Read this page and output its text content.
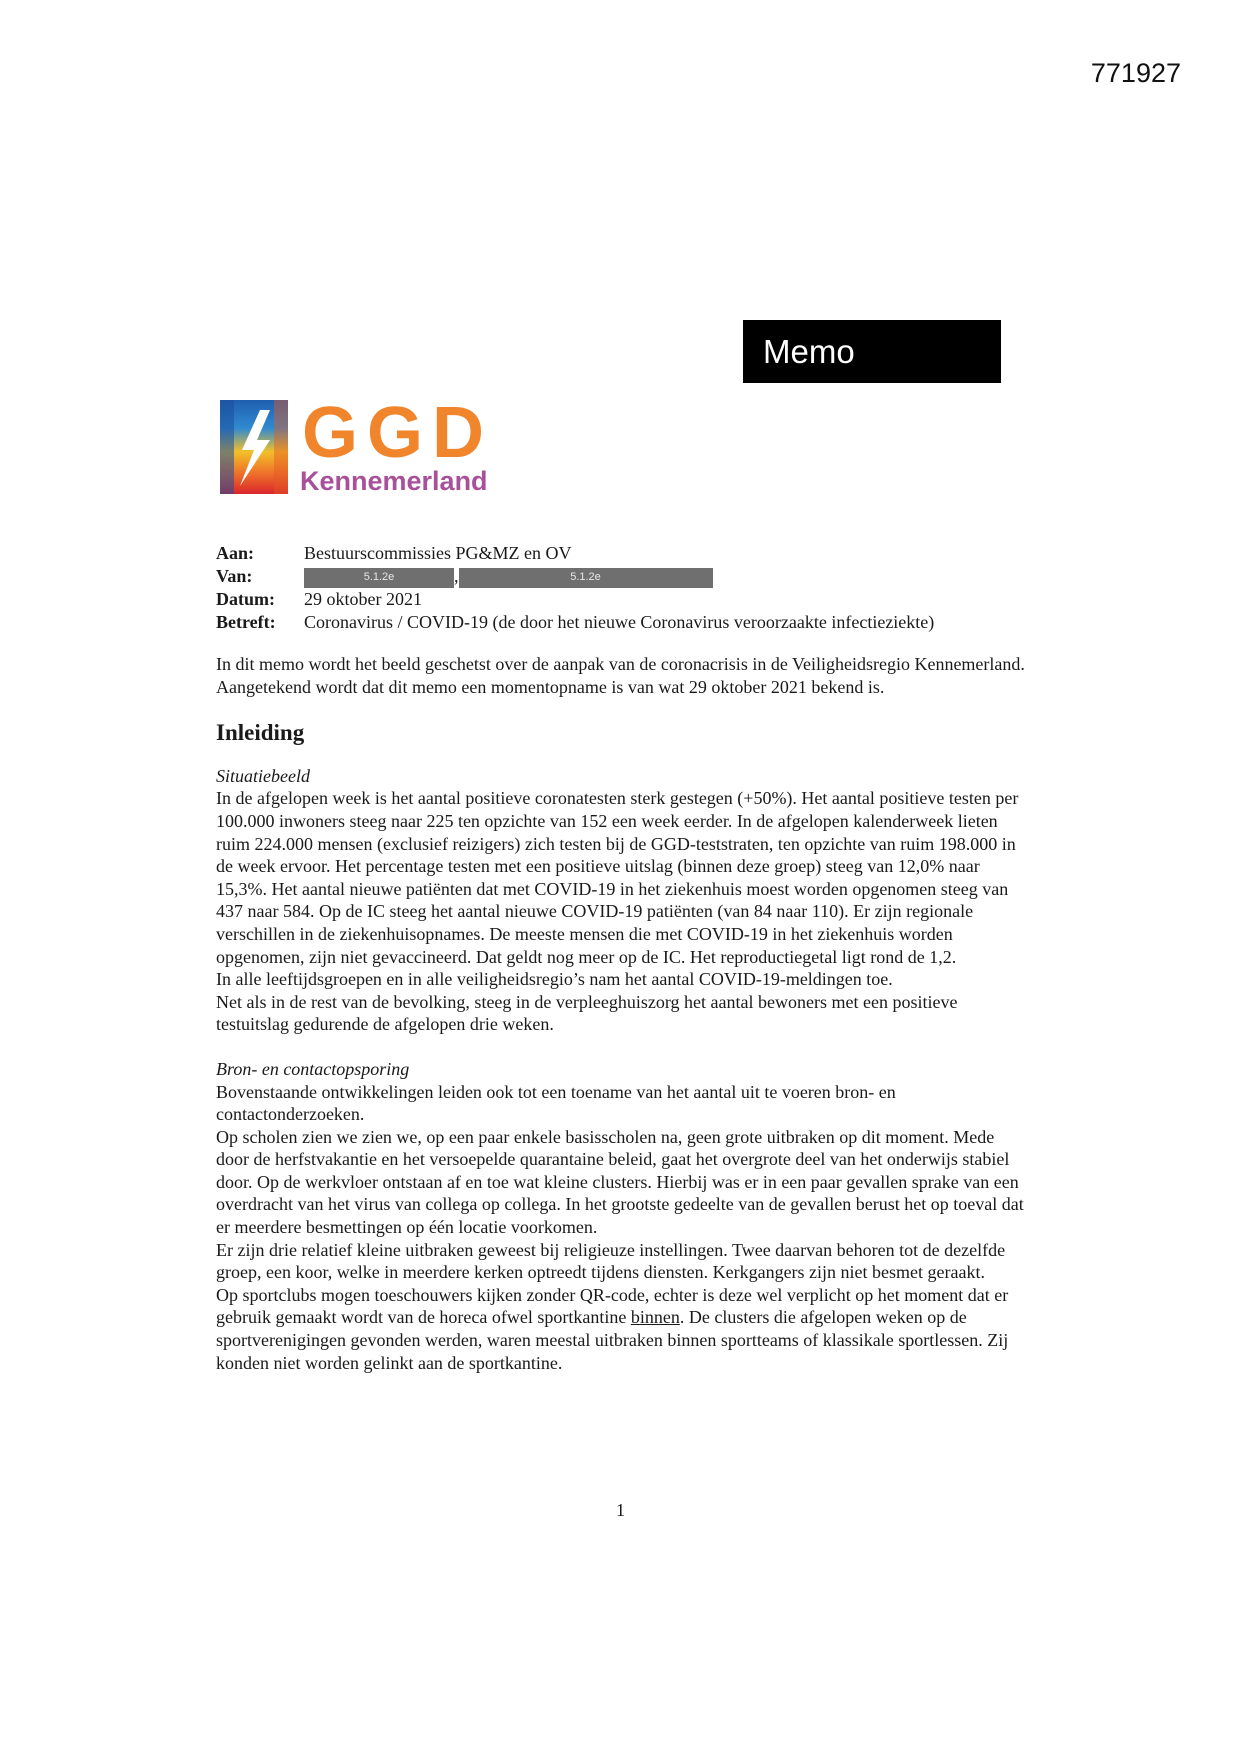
771927
Memo
GGD
Kennemerland
Aan:	Bestuurscommissies PG&MZ en OV
Van:	5.1.2e	,	5.1.2e
Datum: 29 oktober 2021
Betreft: Coronavirus / COVID-19 (de door het nieuwe Coronavirus veroorzaakte infectieziekte)

In dit memo wordt het beeld geschetst over de aanpak van de coronacrisis in de Veiligheidsregio Kennemerland. Aangetekend wordt dat dit memo een momentopname is van wat 29 oktober 2021 bekend is.

Inleiding

Situatiebeeld

In de afgelopen week is het aantal positieve coronatesten sterk gestegen (+50%). Het aantal positieve testen per 100.000 inwoners steeg naar 225 ten opzichte van 152 een week eerder. In de afgelopen kalenderweek lieten ruim 224.000 mensen (exclusief reizigers) zich testen bij de GGD-teststraten, ten opzichte van ruim 198.000 in de week ervoor. Het percentage testen met een positieve uitslag (binnen deze groep) steeg van 12,0% naar 15,3%. Het aantal nieuwe patiënten dat met COVID-19 in het ziekenhuis moest worden opgenomen steeg van 437 naar 584. Op de IC steeg het aantal nieuwe COVID-19 patiënten (van 84 naar 110). Er zijn regionale verschillen in de ziekenhuisopnames. De meeste mensen die met COVID-19 in het ziekenhuis worden opgenomen, zijn niet gevaccineerd. Dat geldt nog meer op de IC. Het reproductiegetal ligt rond de 1,2.

In alle leeftijdsgroepen en in alle veiligheidsregio’s nam het aantal COVID-19-meldingen toe.

Net als in de rest van de bevolking, steeg in de verpleeghuiszorg het aantal bewoners met een positieve testuitslag gedurende de afgelopen drie weken.

Bron- en contactopsporing

Bovenstaande ontwikkelingen leiden ook tot een toename van het aantal uit te voeren bron- en contactonderzoeken.

Op scholen zien we zien we, op een paar enkele basisscholen na, geen grote uitbraken op dit moment. Mede door de herfstvakantie en het versoepelde quarantaine beleid, gaat het overgrote deel van het onderwijs stabiel door. Op de werkvloer ontstaan af en toe wat kleine clusters. Hierbij was er in een paar gevallen sprake van een overdracht van het virus van collega op collega. In het grootste gedeelte van de gevallen berust het op toeval dat er meerdere besmettingen op één locatie voorkomen.

Er zijn drie relatief kleine uitbraken geweest bij religieuze instellingen. Twee daarvan behoren tot de dezelfde groep, een koor, welke in meerdere kerken optreedt tijdens diensten. Kerkgangers zijn niet besmet geraakt.

Op sportclubs mogen toeschouwers kijken zonder QR-code, echter is deze wel verplicht op het moment dat er gebruik gemaakt wordt van de horeca ofwel sportkantine binnen. De clusters die afgelopen weken op de sportverenigingen gevonden werden, waren meestal uitbraken binnen sportteams of klassikale sportlessen. Zij konden niet worden gelinkt aan de sportkantine.

1
